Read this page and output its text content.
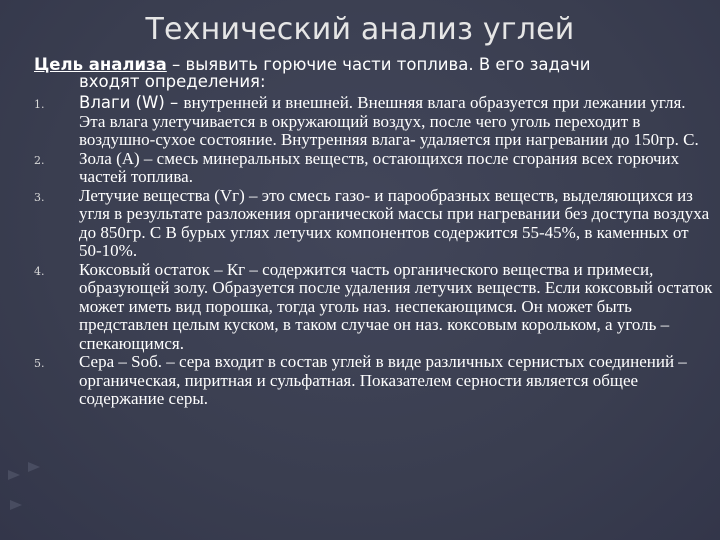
Технический анализ углей
Цель анализа – выявить горючие части топлива. В его задачи
входят определения:
1.	Влаги (W) – внутренней и внешней. Внешняя влага образуется при лежании угля. Эта влага улетучивается в окружающий воздух, после чего уголь переходит в воздушно-сухое состояние. Внутренняя влага- удаляется при нагревании до 150гр. С.
2.	Зола (А) – смесь минеральных веществ, остающихся после сгорания всех горючих частей топлива.
3.	Летучие вещества (Vг) – это смесь газо- и парообразных веществ, выделяющихся из угля в результате разложения органической массы при нагревании без доступа воздуха до 850гр. С В бурых углях летучих компонентов содержится 55-45%, в каменных от 50-10%.
4.	Коксовый остаток – Кг – содержится часть органического вещества и примеси, образующей золу. Образуется после удаления летучих веществ. Если коксовый остаток может иметь вид порошка, тогда уголь наз. неспекающимся. Он может быть представлен целым куском, в таком случае он наз. коксовым корольком, а уголь – спекающимся.
5.	Сера – Sоб. – сера входит в состав углей в виде различных сернистых соединений – органическая, пиритная и сульфатная. Показателем серности является общее содержание серы.
